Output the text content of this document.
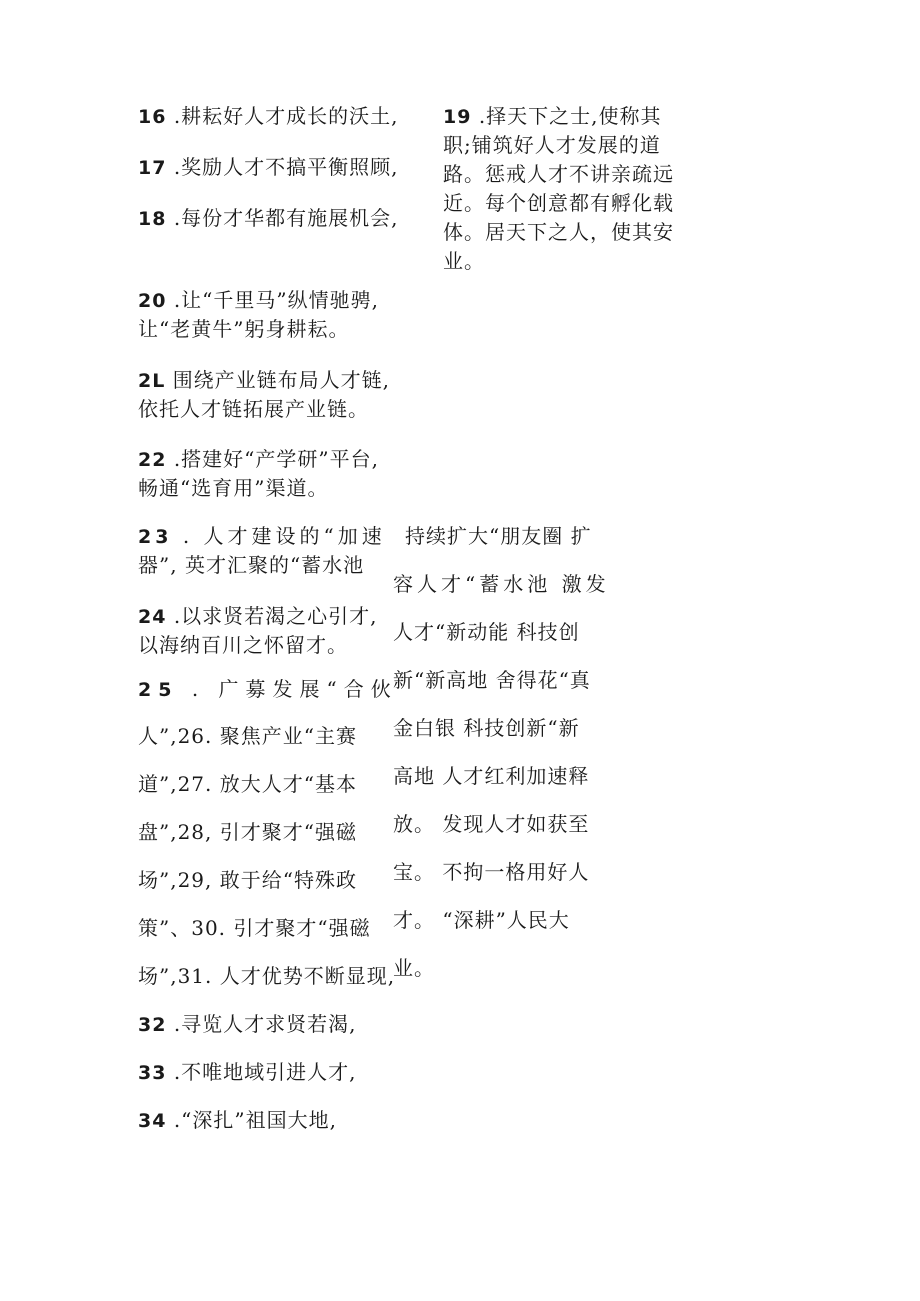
16 .耕耘好人才成长的沃土,
17 .奖励人才不搞平衡照顾,
18 .每份才华都有施展机会,
19 .择天下之士,使称其
职;铺筑好人才发展的道
路。惩戒人才不讲亲疏远
近。每个创意都有孵化载
体。居天下之人，使其安
业。
20 .让“千里马”纵情驰骋,
让“老黄牛”躬身耕耘。
2L 围绕产业链布局人才链,
依托人才链拓展产业链。
22 .搭建好“产学研”平台,
畅通“选育用”渠道。
23 . 人才建设的“加速
器”, 英才汇聚的“蓄水池
24 .以求贤若渴之心引才,
以海纳百川之怀留才。
25 . 广募发展“合伙
人”,26. 聚焦产业“主赛
道”,27. 放大人才“基本
盘”,28, 引才聚才“强磁
场”,29, 敢于给“特殊政
策”、30. 引才聚才“强磁
场”,31. 人才优势不断显现,
持续扩大“朋友圈 扩
容人才“蓄水池 激发
人才“新动能 科技创
新“新高地 舍得花“真
金白银 科技创新“新
高地 人才红利加速释
放。 发现人才如获至
宝。 不拘一格用好人
才。 “深耕”人民大
业。
32 .寻览人才求贤若渴,
33 .不唯地域引进人才,
34 .“深扎”祖国大地,
